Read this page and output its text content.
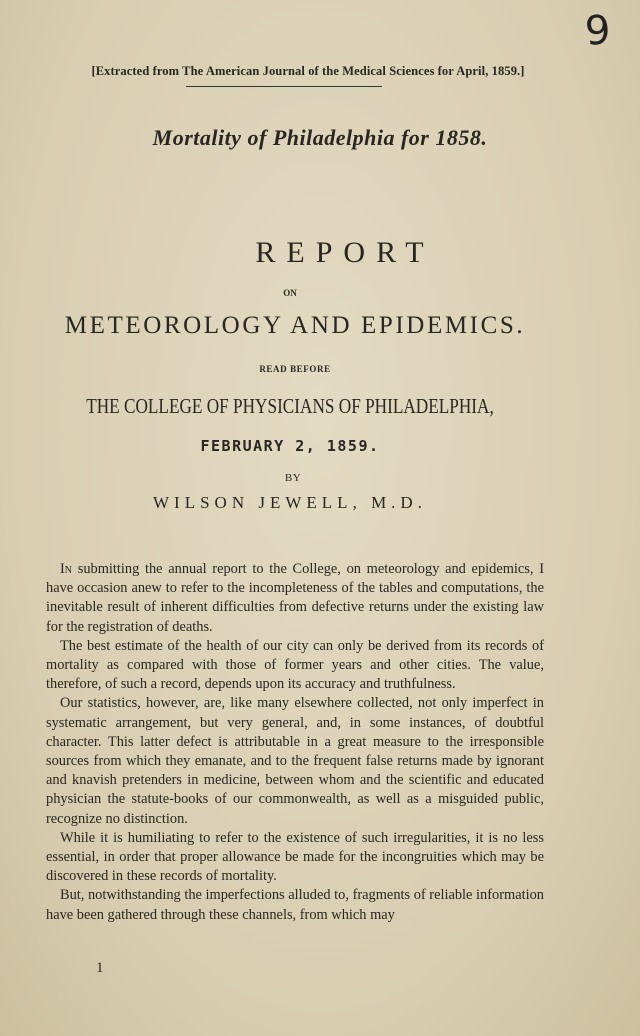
9
[Extracted from The American Journal of the Medical Sciences for April, 1859.]
Mortality of Philadelphia for 1858.
REPORT
ON
METEOROLOGY AND EPIDEMICS.
READ BEFORE
THE COLLEGE OF PHYSICIANS OF PHILADELPHIA,
FEBRUARY 2, 1859.
BY
WILSON JEWELL, M.D.

In submitting the annual report to the College, on meteorology and epidemics, I have occasion anew to refer to the incompleteness of the tables and computations, the inevitable result of inherent difficulties from defective returns under the existing law for the registration of deaths.

The best estimate of the health of our city can only be derived from its records of mortality as compared with those of former years and other cities. The value, therefore, of such a record, depends upon its accuracy and truthfulness.

Our statistics, however, are, like many elsewhere collected, not only imperfect in systematic arrangement, but very general, and, in some instances, of doubtful character. This latter defect is attributable in a great measure to the irresponsible sources from which they emanate, and to the frequent false returns made by ignorant and knavish pretenders in medicine, between whom and the scientific and educated physician the statute-books of our commonwealth, as well as a misguided public, recognize no distinction.

While it is humiliating to refer to the existence of such irregularities, it is no less essential, in order that proper allowance be made for the incongruities which may be discovered in these records of mortality.

But, notwithstanding the imperfections alluded to, fragments of reliable information have been gathered through these channels, from which may

1
